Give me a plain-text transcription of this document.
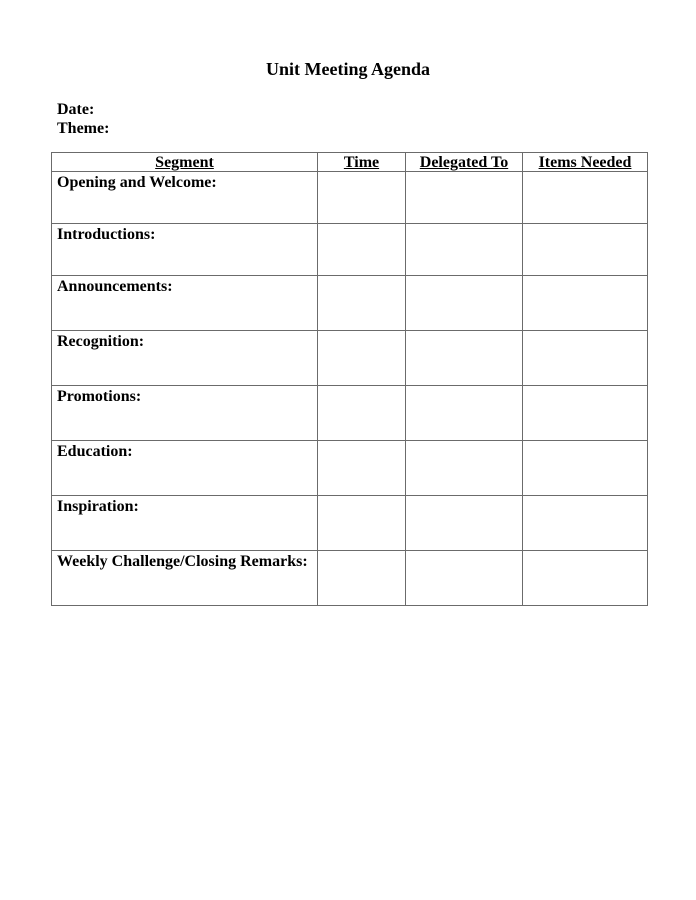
Unit Meeting Agenda
Date:
Theme:
Segment	Time	Delegated To	Items Needed
Opening and Welcome:			
Introductions:			
Announcements:			
Recognition:			
Promotions:			
Education:			
Inspiration:			
Weekly Challenge/Closing Remarks:			
